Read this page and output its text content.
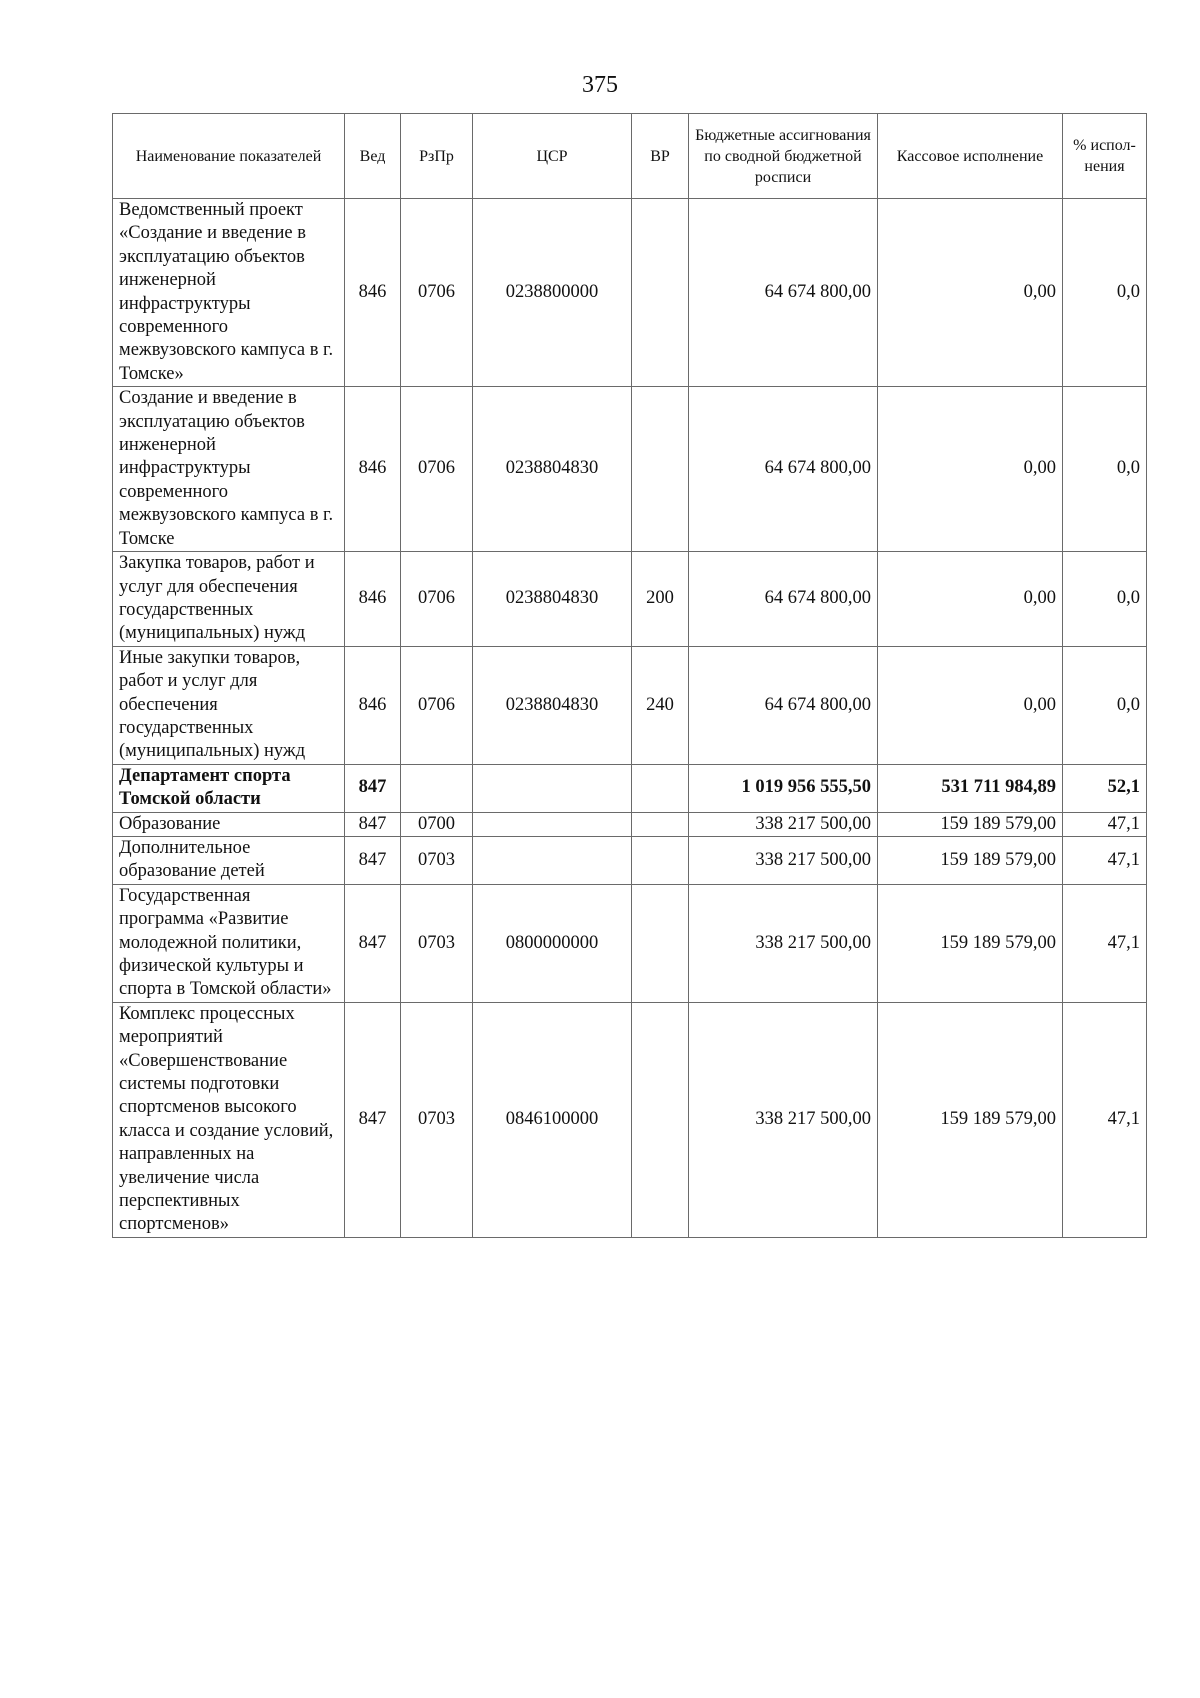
375
Наименование показателей	Вед	РзПр	ЦСР	ВР	Бюджетные ассигнования по сводной бюджетной росписи	Кассовое исполнение	% испол-нения
Ведомственный проект «Создание и введение в эксплуатацию объектов инженерной инфраструктуры современного межвузовского кампуса в г. Томске»	846	0706	0238800000		64 674 800,00	0,00	0,0
Создание и введение в эксплуатацию объектов инженерной инфраструктуры современного межвузовского кампуса в г. Томске	846	0706	0238804830		64 674 800,00	0,00	0,0
Закупка товаров, работ и услуг для обеспечения государственных (муниципальных) нужд	846	0706	0238804830	200	64 674 800,00	0,00	0,0
Иные закупки товаров, работ и услуг для обеспечения государственных (муниципальных) нужд	846	0706	0238804830	240	64 674 800,00	0,00	0,0
Департамент спорта Томской области	847				1 019 956 555,50	531 711 984,89	52,1
Образование	847	0700			338 217 500,00	159 189 579,00	47,1
Дополнительное образование детей	847	0703			338 217 500,00	159 189 579,00	47,1
Государственная программа «Развитие молодежной политики, физической культуры и спорта в Томской области»	847	0703	0800000000		338 217 500,00	159 189 579,00	47,1
Комплекс процессных мероприятий «Совершенствование системы подготовки спортсменов высокого класса и создание условий, направленных на увеличение числа перспективных спортсменов»	847	0703	0846100000		338 217 500,00	159 189 579,00	47,1
